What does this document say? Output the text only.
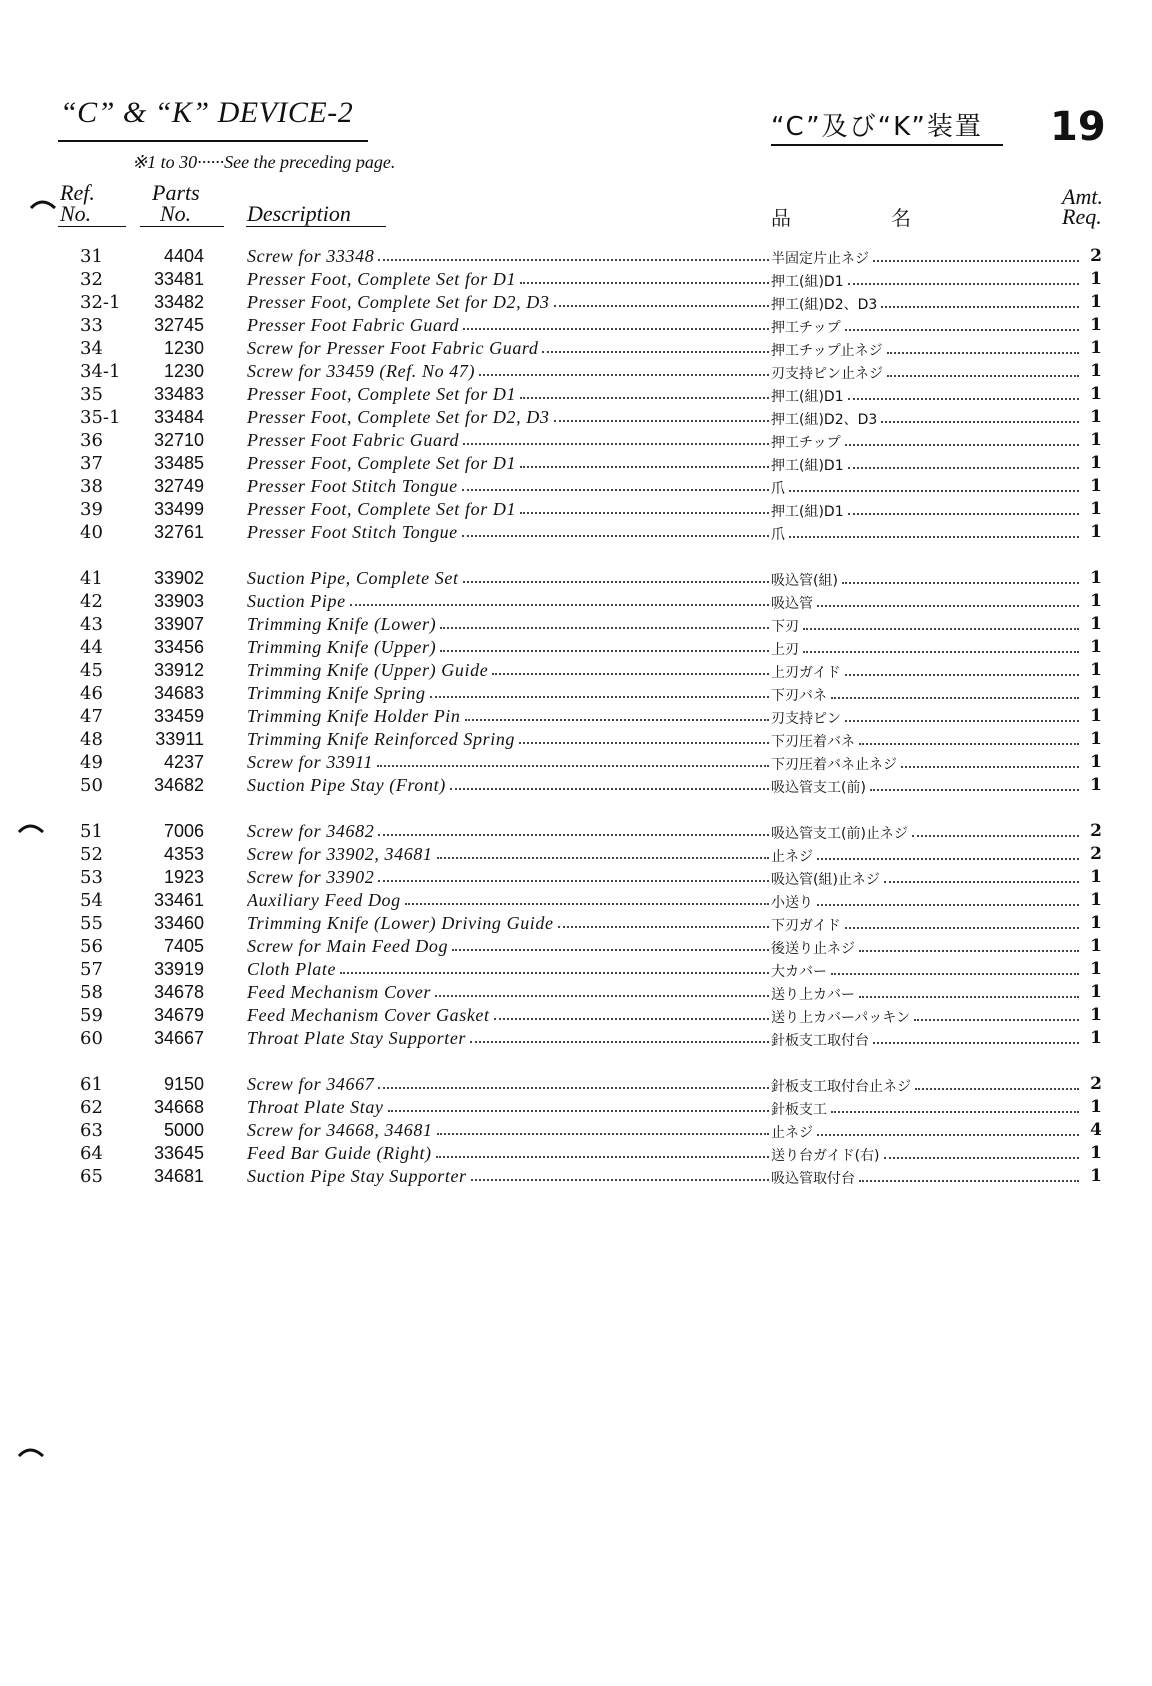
“C” & “K” DEVICE-2	“C”及び“K”装置 19
※1 to 30······See the preceding page.
Ref.
No.
Parts
No.	Description	品	名
Amt.
Req.
31	4404 Screw for 33348	半固定片止ネジ	2
32	33481 Presser Foot, Complete Set for D1	押工(組)D1	1
32-1	33482 Presser Foot, Complete Set for D2, D3	押工(組)D2、D3	1
33	32745 Presser Foot Fabric Guard	押工チップ	1
34	1230 Screw for Presser Foot Fabric Guard	押工チップ止ネジ	1
34-1	1230 Screw for 33459 (Ref. No 47)	刃支持ピン止ネジ	1
35	33483 Presser Foot, Complete Set for D1	押工(組)D1	1
35-1	33484 Presser Foot, Complete Set for D2, D3	押工(組)D2、D3	1
36	32710 Presser Foot Fabric Guard	押工チップ	1
37	33485 Presser Foot, Complete Set for D1	押工(組)D1	1
38	32749 Presser Foot Stitch Tongue	爪	1
39	33499 Presser Foot, Complete Set for D1	押工(組)D1	1
40	32761 Presser Foot Stitch Tongue	爪	1
41	33902 Suction Pipe, Complete Set	吸込管(組)	1
42	33903 Suction Pipe	吸込管	1
43	33907 Trimming Knife (Lower)	下刃	1
44	33456 Trimming Knife (Upper)	上刃	1
45	33912 Trimming Knife (Upper) Guide	上刃ガイド	1
46	34683 Trimming Knife Spring	下刃バネ	1
47	33459 Trimming Knife Holder Pin	刃支持ピン	1
48	33911 Trimming Knife Reinforced Spring	下刃圧着バネ	1
49	4237 Screw for 33911	下刃圧着バネ止ネジ	1
50	34682 Suction Pipe Stay (Front)	吸込管支工(前)	1
51	7006 Screw for 34682	吸込管支工(前)止ネジ	2
52	4353 Screw for 33902, 34681	止ネジ	2
53	1923 Screw for 33902	吸込管(組)止ネジ	1
54	33461 Auxiliary Feed Dog	小送り	1
55	33460 Trimming Knife (Lower) Driving Guide	下刃ガイド	1
56	7405 Screw for Main Feed Dog	後送り止ネジ	1
57	33919 Cloth Plate	大カバー	1
58	34678 Feed Mechanism Cover	送り上カバー	1
59	34679 Feed Mechanism Cover Gasket	送り上カバーパッキン	1
60	34667 Throat Plate Stay Supporter	針板支工取付台	1
61	9150 Screw for 34667	針板支工取付台止ネジ	2
62	34668 Throat Plate Stay	針板支工	1
63	5000 Screw for 34668, 34681	止ネジ	4
64	33645 Feed Bar Guide (Right)	送り台ガイド(右)	1
65	34681 Suction Pipe Stay Supporter	吸込管取付台	1
